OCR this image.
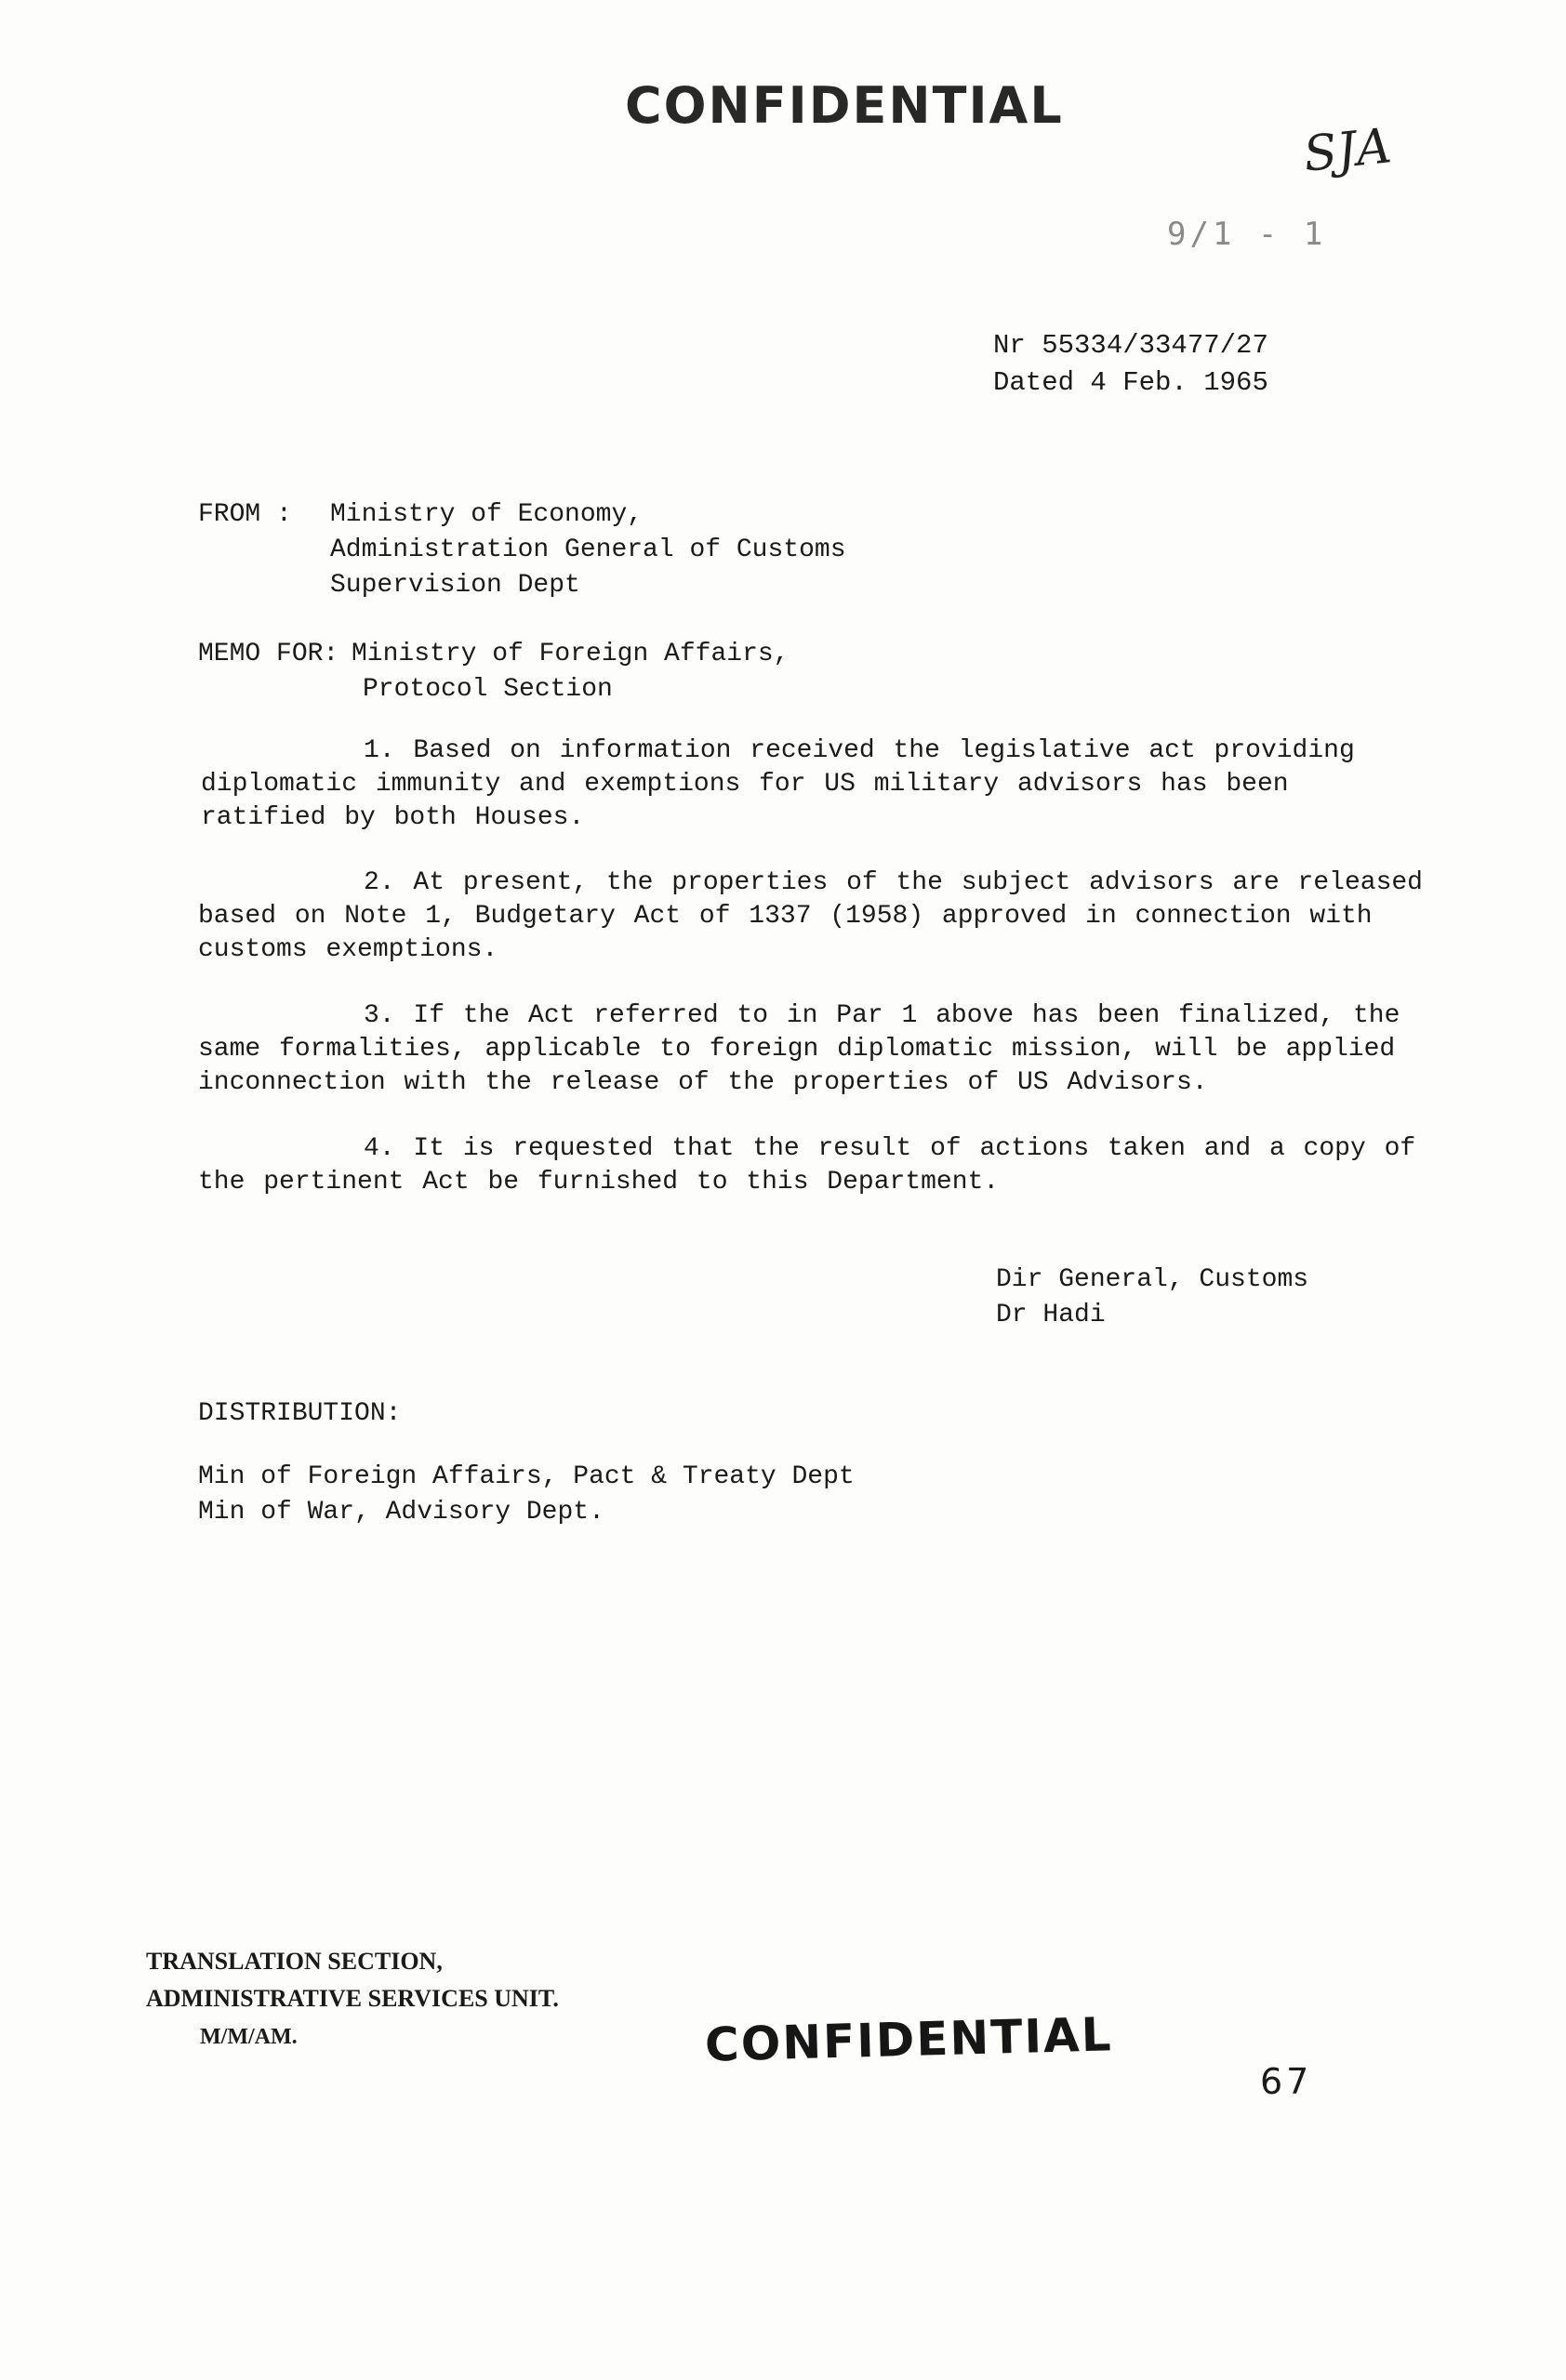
CONFIDENTIAL
SJA
9/1 - 1
Nr 55334/33477/27
Dated 4 Feb. 1965
FROM : Ministry of Economy,
Administration General of Customs
Supervision Dept
MEMO FOR: Ministry of Foreign Affairs,
Protocol Section
1. Based on information received the legislative act providing diplomatic immunity and exemptions for US military advisors has been ratified by both Houses.
2. At present, the properties of the subject advisors are released based on Note 1, Budgetary Act of 1337 (1958) approved in connection with customs exemptions.
3. If the Act referred to in Par 1 above has been finalized, the same formalities, applicable to foreign diplomatic mission, will be applied inconnection with the release of the properties of US Advisors.
4. It is requested that the result of actions taken and a copy of the pertinent Act be furnished to this Department.
Dir General, Customs
Dr Hadi
DISTRIBUTION:
Min of Foreign Affairs, Pact & Treaty Dept
Min of War, Advisory Dept.
TRANSLATION SECTION,
ADMINISTRATIVE SERVICES UNIT.
M/M/AM.	CONFIDENTIAL
67
